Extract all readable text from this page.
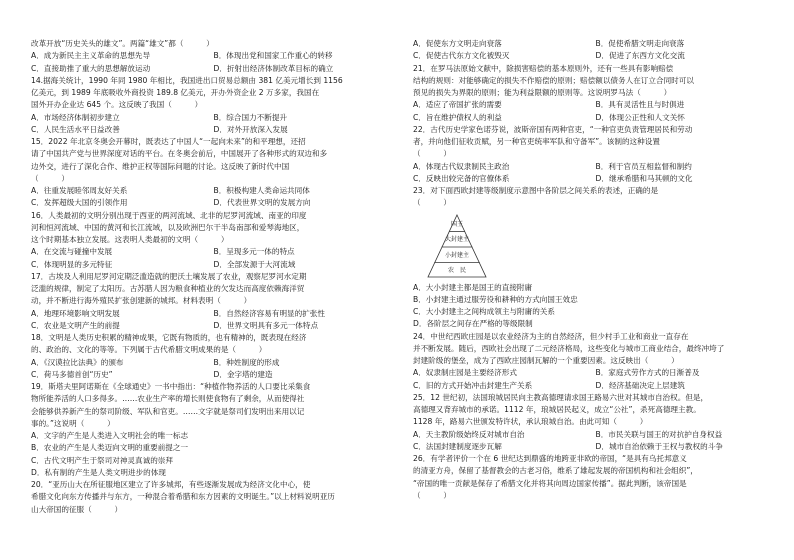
改革开放“历史关头的雄文”。两篇“雄文”都（　　　）
A．成为新民主主义革命的思想先导	B．体现出党和国家工作重心的转移
C．直接助推了重大的思想解放运动	D．折射出经济体制改革目标的确立
14.据海关统计，1990 年同 1980 年相比，我国进出口贸易总额由 381 亿美元增长到 1156
亿美元，到 1989 年底吸收外商投资 189.8 亿美元，开办外资企业 2 万多家，我国在
国外开办企业达 645 个。这反映了我国（　　　）
A．市场经济体制初步建立	B．综合国力不断提升
C．人民生活水平日益改善	D．对外开放深入发展
15．2022 年北京冬奥会开幕时，既表达了中国人“一起向未来”的和平理想，还招
请了中国共产党与世界深度对话的平台。在冬奥会前后，中国展开了各种形式的双边和多
边外交，进行了深化合作、维护正权等国际问题的讨论。这反映了新时代中国
（　　　）
A．往重发展睦邻周友好关系	B．积极构建人类命运共同体
C．发挥超级大国的引领作用	D．代表世界文明的发展方向
16．人类最初的文明分别出现于西亚的两河流域、北非的尼罗河流域、南亚的印度
河和恒河流域、中国的黄河和长江流域，以及欧洲巴尔干半岛南部和爱琴海地区，
这个时期基本独立发展。这表明人类最初的文明（　　　）
A．在交流与碰撞中发展	B．呈现多元一体的特点
C．体现明显的多元特征	D．全部发源于大河流域
17．古埃及人利用尼罗河定期泛滥造就的肥沃土壤发展了农业，观察尼罗河水定期
泛滥的规律，制定了太阳历。古苏腊人因为粮食种植业的欠发达而高度依赖海洋贸
动，并不断进行海外殖民扩张创建新的城邦。材料表明（　　　）
A．地理环境影响文明发展	B．自然经济容易有明显的扩张性
C．农业是文明产生的前提	D．世界文明具有多元一体特点
18．文明是人类历史积累的精神成果，它既有物质的，也有精神的，既表现在经济
的、政治的、文化的等等。下列属于古代希腊文明成果的是（　　　）
A．《汉谟拉比法典》的颁布	B．种姓制度的形成
C．荷马多德首创“历史”	D．金字塔的建造
19．斯塔夫里阿诺斯在《全球通史》一书中指出：“种植作物养活的人口要比采集食
物所能养活的人口多得多。……农业生产率的增长则使食物有了剩余，从而使得社
会能够供养新产生的祭司阶级、军队和官吏。……文字就是祭司们发明出来用以记
事的。”这说明（　　　）
A．文字的产生是人类进入文明社会的唯一标志
B．农业的产生是人类迈向文明的重要前提之一
C．古代文明产生于祭司对神灵真诚的崇拜
D．私有制的产生是人类文明进步的体现
20．“亚历山大在所征服地区建立了许多城邦，有些逐渐发展成为经济文化中心，使
希腊文化向东方传播并与东方，一种混合着希腊和东方因素的文明诞生。”以上材料说明亚历
山大帝国的征服（　　　）
A．促使东方文明走向衰落	B．促使希腊文明走向衰落
C．促使古代东方文化被毁灭	D．促进了东西方文化交流
21．在罗马法原始文献中，除损害赔偿的基本原则外，还有一些具有影响赔偿
结构的规则：对能够确定的损失不作赔偿的原则；赔偿额以债务人在订立合同时可以
预见的损失为界限的原则；能为利益限额的原则等。这说明罗马法（　　　）
A．适应了帝国扩张的需要	B．具有灵活性且与时俱进
C．旨在维护债权人的利益	D．体现公正性和人文关怀
22．古代历史学家色诺芬说，波斯帝国有两种官吏，“一种官吏负责管理居民和劳动
者，并向他们征收贡赋，另一种官吏统率军队和守备军”。该制的这种设置
（　　　）
A．体现古代奴隶制民主政治	B．利于官员互相监督和制约
C．反映出较完备的官僚体系	D．继承希腊和马其顿的文化
23．对下面西欧封建等级制度示意图中各阶层之间关系的表述，正确的是
（　　　）
国王
大封建主
小封建主
农　民
A．大小封建主都是国王的直接附庸
B．小封建主通过服劳役和耕种的方式向国王效忠
C．大小封建主之间构成领主与附庸的关系
D．各阶层之间存在严格的等级限制
24．中世纪西欧庄园是以农业经济为主的自然经济，但少村手工业和商业一直存在
并不断发展。随后，西欧社会出现了二元经济格局，这些变化与城市工商业结合，最终冲垮了
封建阶级的堡垒，成为了西欧庄园制瓦解的一个重要因素。这反映出（　　　）
A．奴隶制庄园是主要经济形式	B．家庭式劳作方式的日渐普及
C．旧的方式开始冲击封建生产关系	D．经济基础决定上层建筑
25．12 世纪初，法国琅城居民向主教高德理请求国王路易六世对其城市自治权。但是，
高德理又背弃城市的承诺。1112 年，琅城居民起义，成立“公社”，杀死高德理主教。
1128 年，路易六世颁发特许状，承认琅城自治。由此可知（　　　）
A．天主教阶级始终反对城市自治	B．市民关联与国王的对抗护自身权益
C．法国封建制度逐步瓦解	D．城市自治依赖于王权与教权的斗争
26．有学者评价一个在 6 世纪达到鼎盛的地跨亚非欧的帝国，“是具有乌托邦意义
的清亚方舟，保留了基督教会的古老习俗，维系了雄起发展的帝国机构和社会组织”，
“帝国的唯一贡献是保存了希腊文化并将其向周边国家传播”。据此判断，该帝国是
（　　　）
